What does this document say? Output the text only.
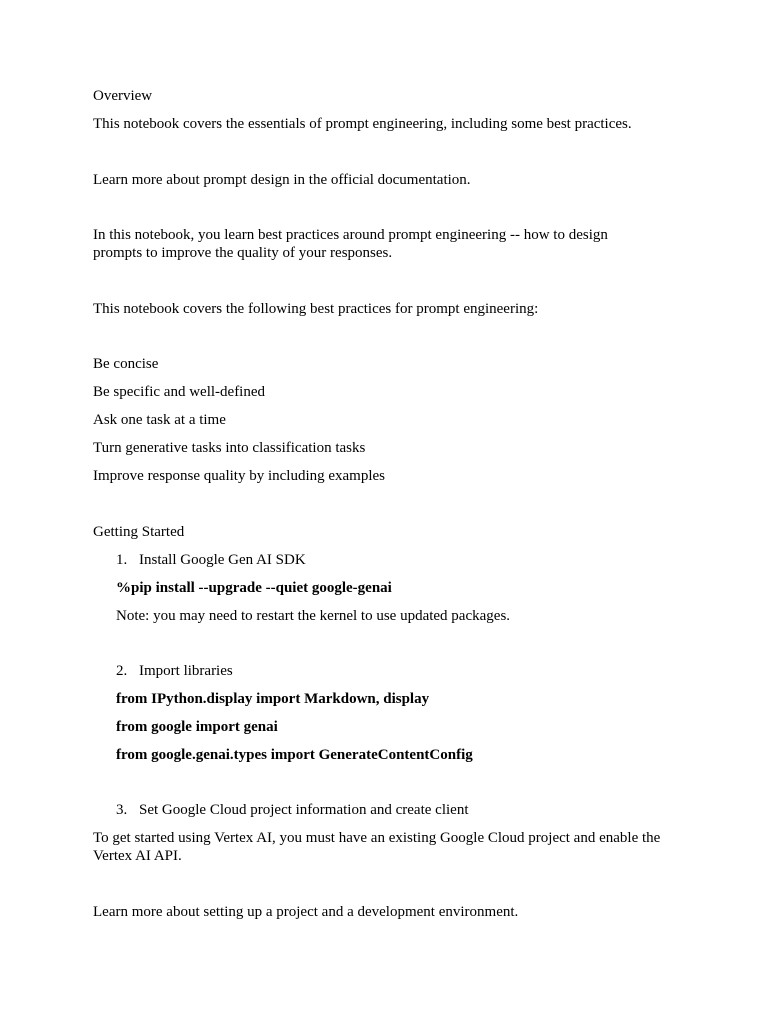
Overview

This notebook covers the essentials of prompt engineering, including some best practices.

Learn more about prompt design in the official documentation.

In this notebook, you learn best practices around prompt engineering -- how to design prompts to improve the quality of your responses.

This notebook covers the following best practices for prompt engineering:

Be concise

Be specific and well-defined

Ask one task at a time

Turn generative tasks into classification tasks

Improve response quality by including examples

Getting Started

1. Install Google Gen AI SDK

%pip install --upgrade --quiet google-genai

Note: you may need to restart the kernel to use updated packages.

2. Import libraries

from IPython.display import Markdown, display

from google import genai

from google.genai.types import GenerateContentConfig

3. Set Google Cloud project information and create client

To get started using Vertex AI, you must have an existing Google Cloud project and enable the Vertex AI API.

Learn more about setting up a project and a development environment.
